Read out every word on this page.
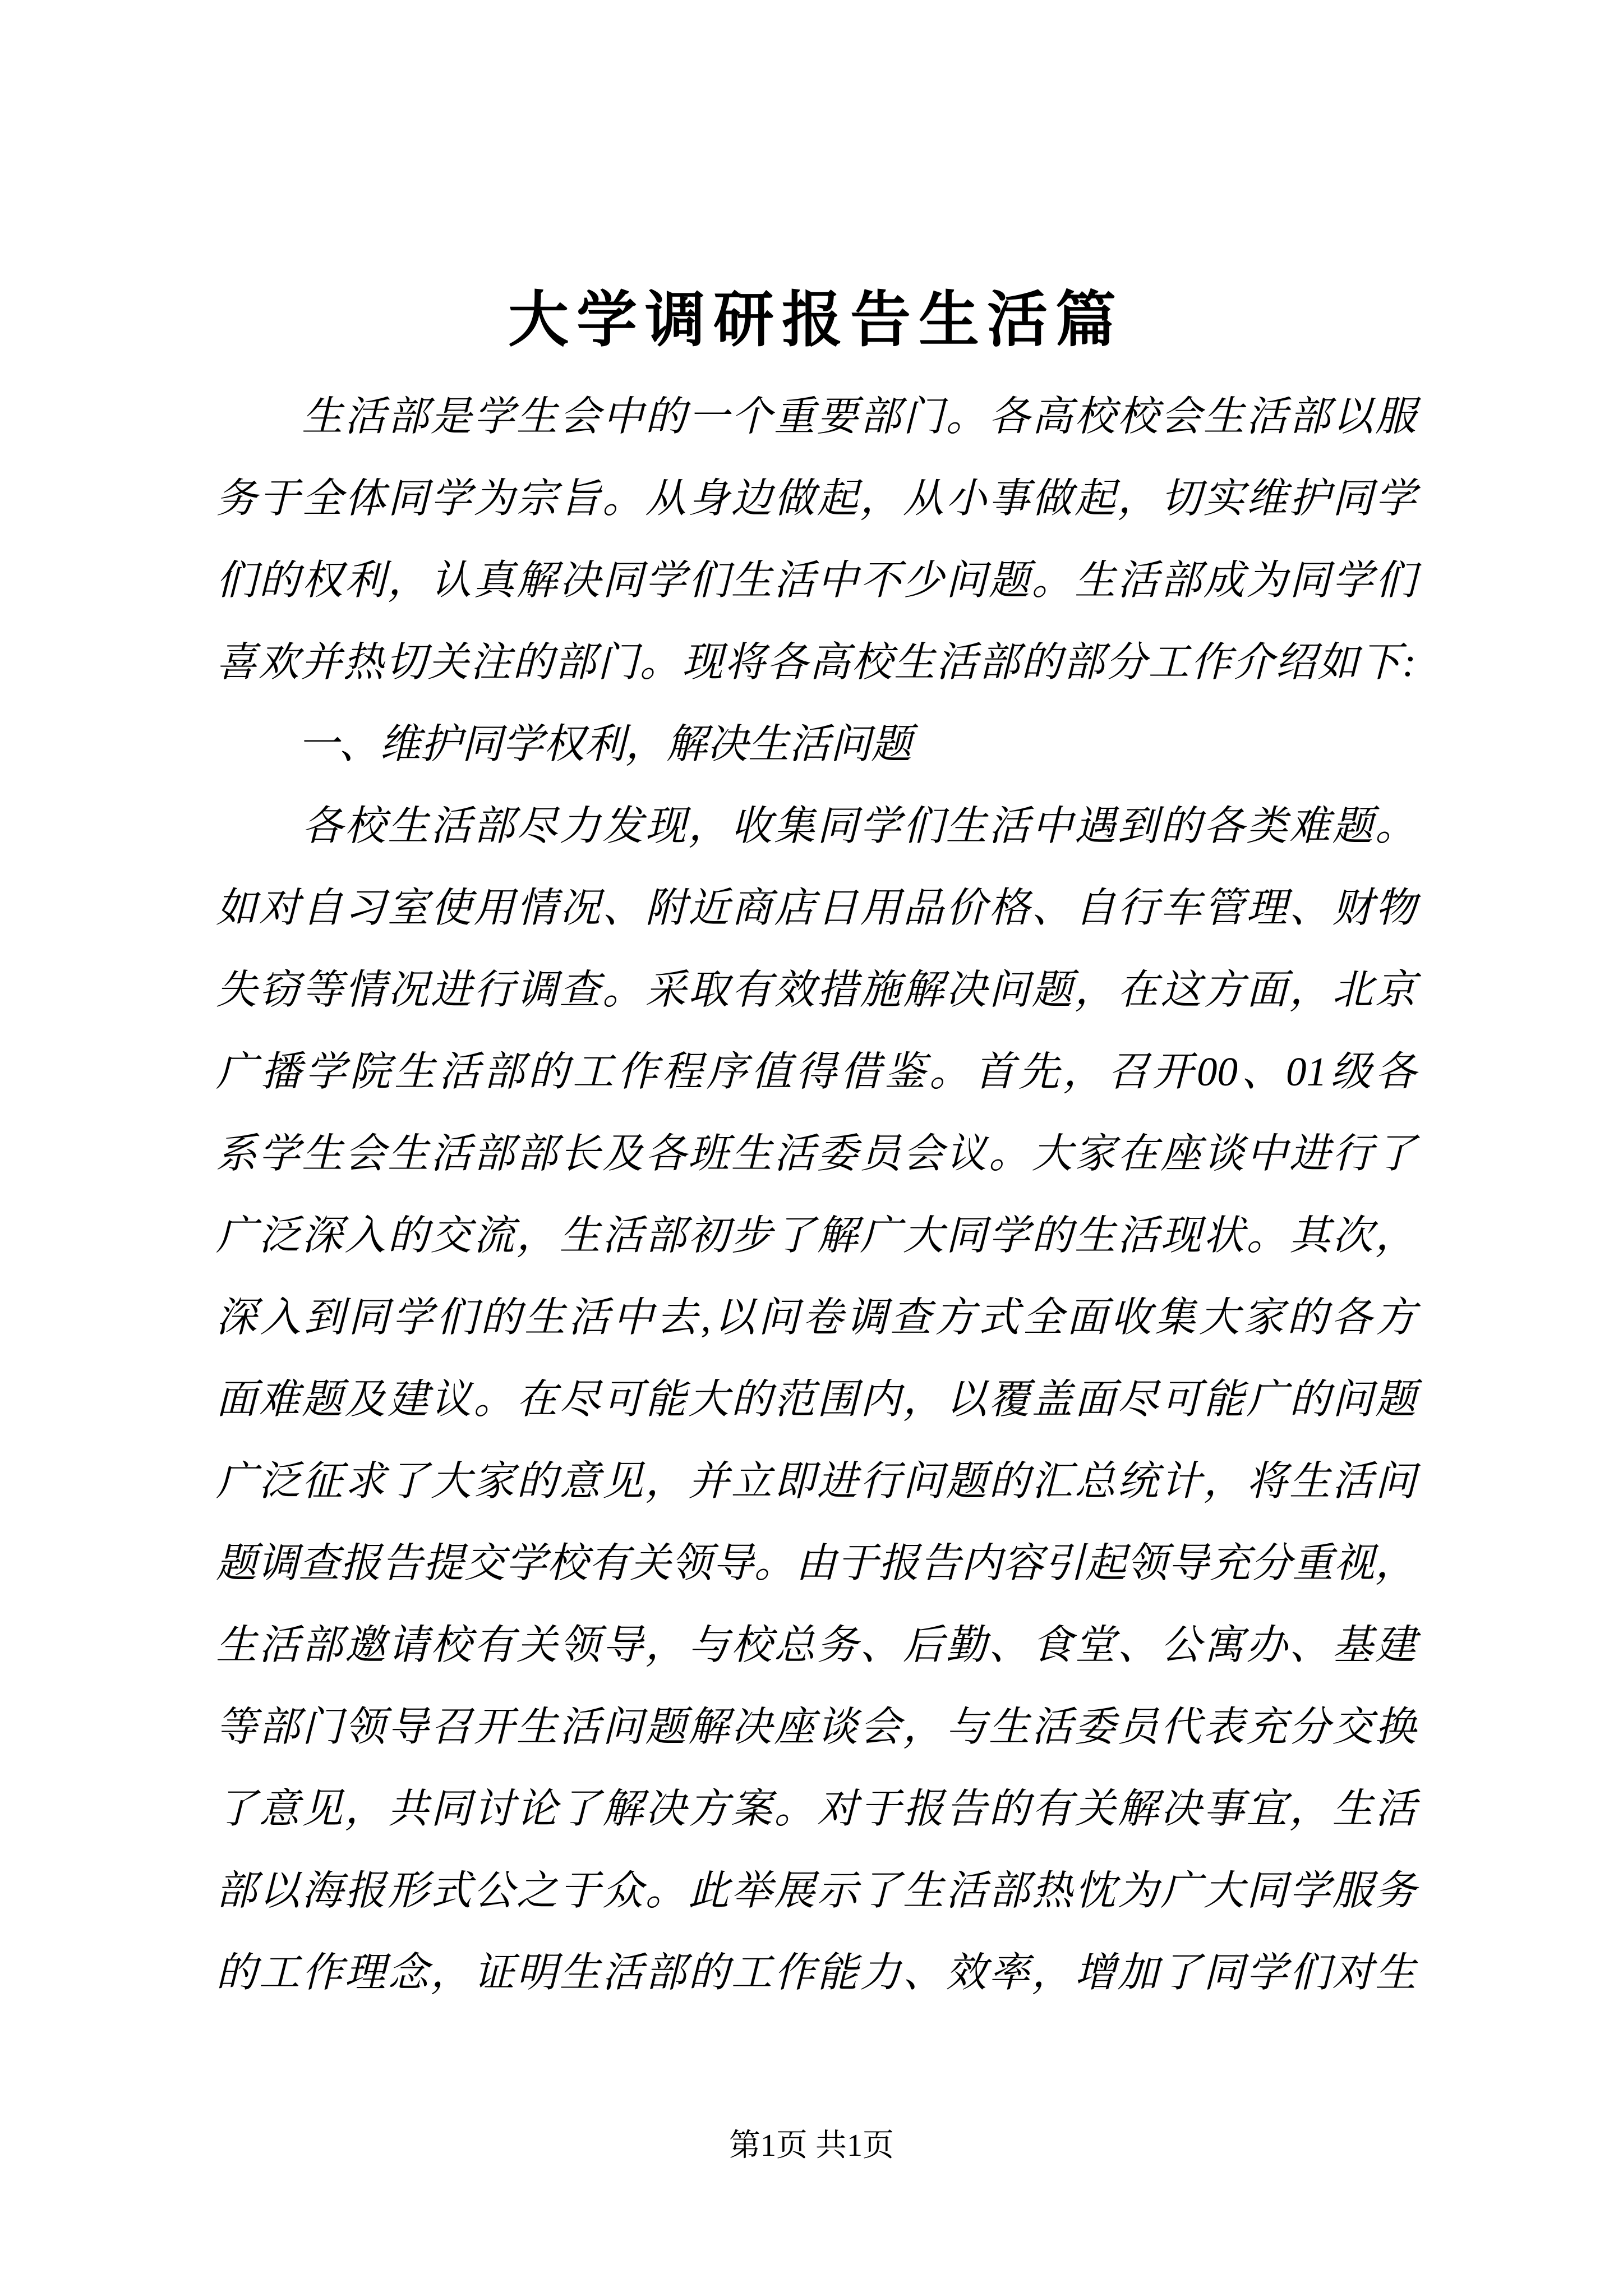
大学调研报告生活篇
　　生活部是学生会中的一个重要部门。各高校校会生活部以服
务于全体同学为宗旨。从身边做起，从小事做起，切实维护同学
们的权利，认真解决同学们生活中不少问题。生活部成为同学们
喜欢并热切关注的部门。现将各高校生活部的部分工作介绍如下:
　　一、维护同学权利，解决生活问题
　　各校生活部尽力发现，收集同学们生活中遇到的各类难题。
如对自习室使用情况、附近商店日用品价格、自行车管理、财物
失窃等情况进行调查。采取有效措施解决问题，在这方面，北京
广播学院生活部的工作程序值得借鉴。首先，召开00、01级各
系学生会生活部部长及各班生活委员会议。大家在座谈中进行了
广泛深入的交流，生活部初步了解广大同学的生活现状。其次，
深入到同学们的生活中去,以问卷调查方式全面收集大家的各方
面难题及建议。在尽可能大的范围内，以覆盖面尽可能广的问题
广泛征求了大家的意见，并立即进行问题的汇总统计，将生活问
题调查报告提交学校有关领导。由于报告内容引起领导充分重视，
生活部邀请校有关领导，与校总务、后勤、食堂、公寓办、基建
等部门领导召开生活问题解决座谈会，与生活委员代表充分交换
了意见，共同讨论了解决方案。对于报告的有关解决事宜，生活
部以海报形式公之于众。此举展示了生活部热忱为广大同学服务
的工作理念，证明生活部的工作能力、效率，增加了同学们对生
第1页 共1页
